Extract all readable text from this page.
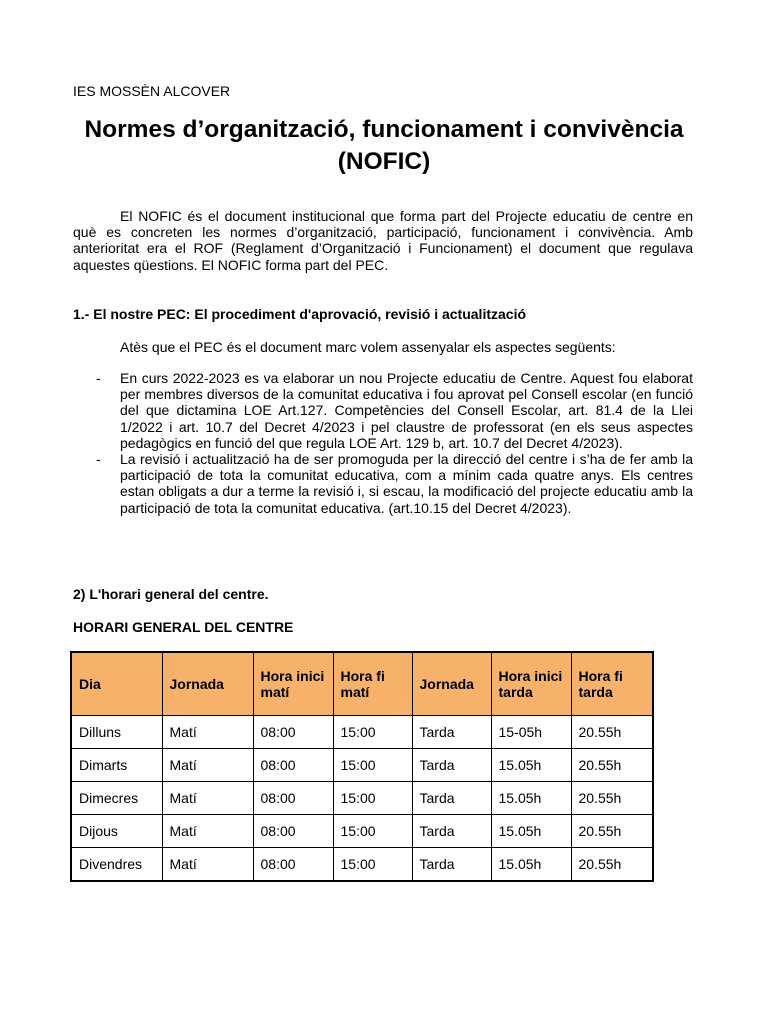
IES MOSSÈN ALCOVER
Normes d’organització, funcionament i convivència (NOFIC)
El NOFIC és el document institucional que forma part del Projecte educatiu de centre en què es concreten les normes d’organització, participació, funcionament i convivència. Amb anterioritat era el ROF (Reglament d’Organització i Funcionament) el document que regulava aquestes qüestions. El NOFIC forma part del PEC.
1.- El nostre PEC: El procediment d'aprovació, revisió i actualització
Atès que el PEC és el document marc volem assenyalar els aspectes següents:
- En curs 2022-2023 es va elaborar un nou Projecte educatiu de Centre. Aquest fou elaborat per membres diversos de la comunitat educativa i fou aprovat pel Consell escolar (en funció del que dictamina LOE Art.127. Competències del Consell Escolar, art. 81.4 de la Llei 1/2022 i art. 10.7 del Decret 4/2023 i pel claustre de professorat (en els seus aspectes pedagògics en funció del que regula LOE Art. 129 b, art. 10.7 del Decret 4/2023).
- La revisió i actualització ha de ser promoguda per la direcció del centre i s’ha de fer amb la participació de tota la comunitat educativa, com a mínim cada quatre anys. Els centres estan obligats a dur a terme la revisió i, si escau, la modificació del projecte educatiu amb la participació de tota la comunitat educativa. (art.10.15 del Decret 4/2023).
2) L'horari general del centre.
HORARI GENERAL DEL CENTRE
Dia	Jornada	Hora inici matí	Hora fi matí	Jornada	Hora inici tarda	Hora fi tarda
Dilluns	Matí	08:00	15:00	Tarda	15-05h	20.55h
Dimarts	Matí	08:00	15:00	Tarda	15.05h	20.55h
Dimecres	Matí	08:00	15:00	Tarda	15.05h	20.55h
Dijous	Matí	08:00	15:00	Tarda	15.05h	20.55h
Divendres	Matí	08:00	15:00	Tarda	15.05h	20.55h
